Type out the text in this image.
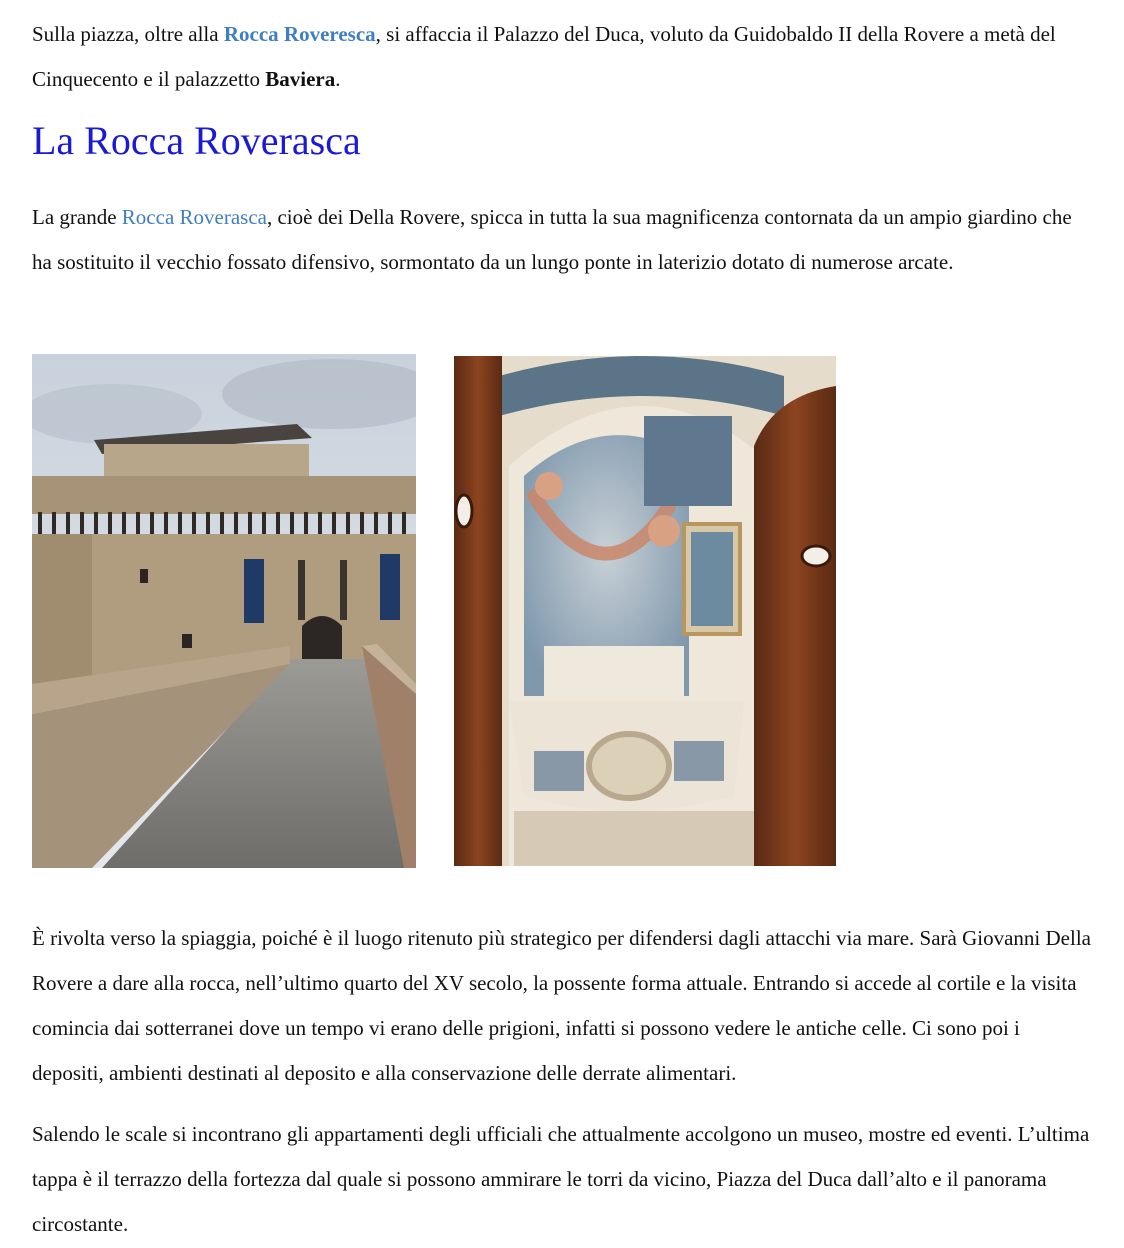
Sulla piazza, oltre alla Rocca Roveresca, si affaccia il Palazzo del Duca, voluto da Guidobaldo II della Rovere a metà del Cinquecento e il palazzetto Baviera.

La Rocca Roverasca

La grande Rocca Roverasca, cioè dei Della Rovere, spicca in tutta la sua magnificenza contornata da un ampio giardino che ha sostituito il vecchio fossato difensivo, sormontato da un lungo ponte in laterizio dotato di numerose arcate.

È rivolta verso la spiaggia, poiché è il luogo ritenuto più strategico per difendersi dagli attacchi via mare. Sarà Giovanni Della Rovere a dare alla rocca, nell’ultimo quarto del XV secolo, la possente forma attuale. Entrando si accede al cortile e la visita comincia dai sotterranei dove un tempo vi erano delle prigioni, infatti si possono vedere le antiche celle. Ci sono poi i depositi, ambienti destinati al deposito e alla conservazione delle derrate alimentari.

Salendo le scale si incontrano gli appartamenti degli ufficiali che attualmente accolgono un museo, mostre ed eventi. L’ultima tappa è il terrazzo della fortezza dal quale si possono ammirare le torri da vicino, Piazza del Duca dall’alto e il panorama circostante.
